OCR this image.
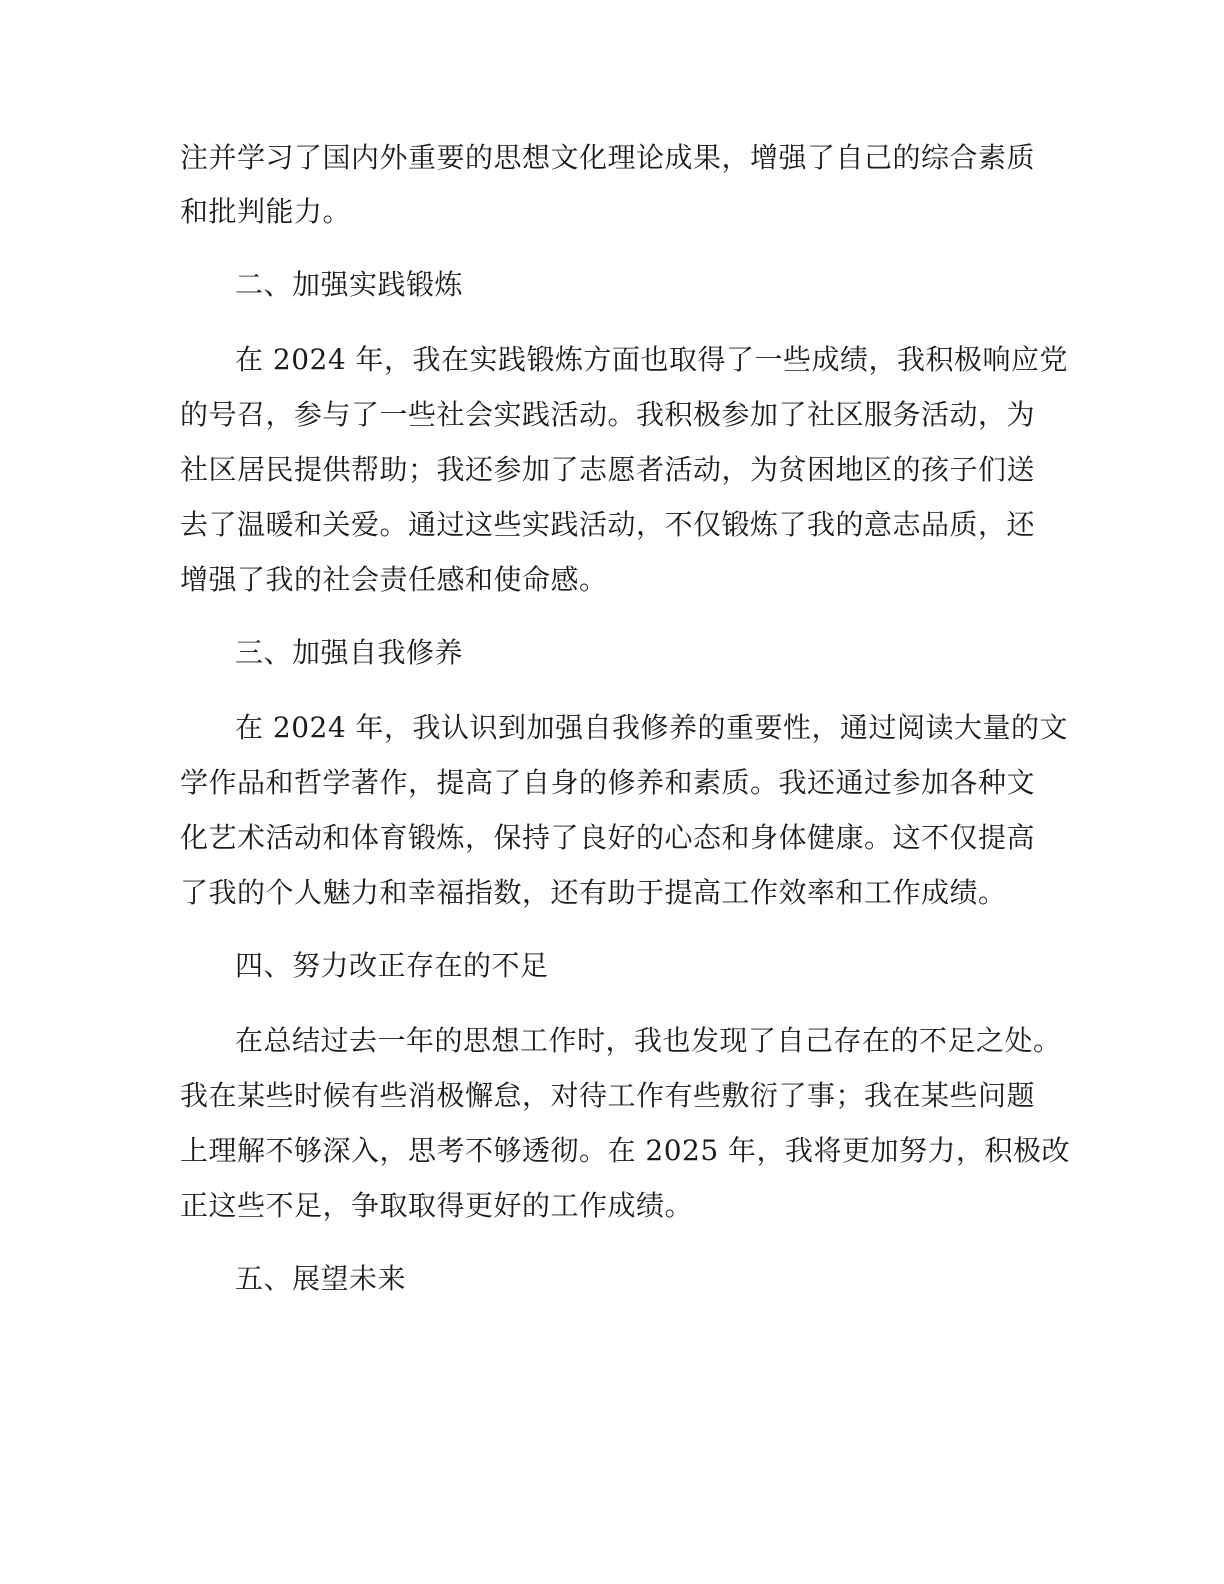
注并学习了国内外重要的思想文化理论成果，增强了自己的综合素质
和批判能力。
二、加强实践锻炼
在 2024 年，我在实践锻炼方面也取得了一些成绩，我积极响应党
的号召，参与了一些社会实践活动。我积极参加了社区服务活动，为
社区居民提供帮助；我还参加了志愿者活动，为贫困地区的孩子们送
去了温暖和关爱。通过这些实践活动，不仅锻炼了我的意志品质，还
增强了我的社会责任感和使命感。
三、加强自我修养
在 2024 年，我认识到加强自我修养的重要性，通过阅读大量的文
学作品和哲学著作，提高了自身的修养和素质。我还通过参加各种文
化艺术活动和体育锻炼，保持了良好的心态和身体健康。这不仅提高
了我的个人魅力和幸福指数，还有助于提高工作效率和工作成绩。
四、努力改正存在的不足
在总结过去一年的思想工作时，我也发现了自己存在的不足之处。
我在某些时候有些消极懈怠，对待工作有些敷衍了事；我在某些问题
上理解不够深入，思考不够透彻。在 2025 年，我将更加努力，积极改
正这些不足，争取取得更好的工作成绩。
五、展望未来
